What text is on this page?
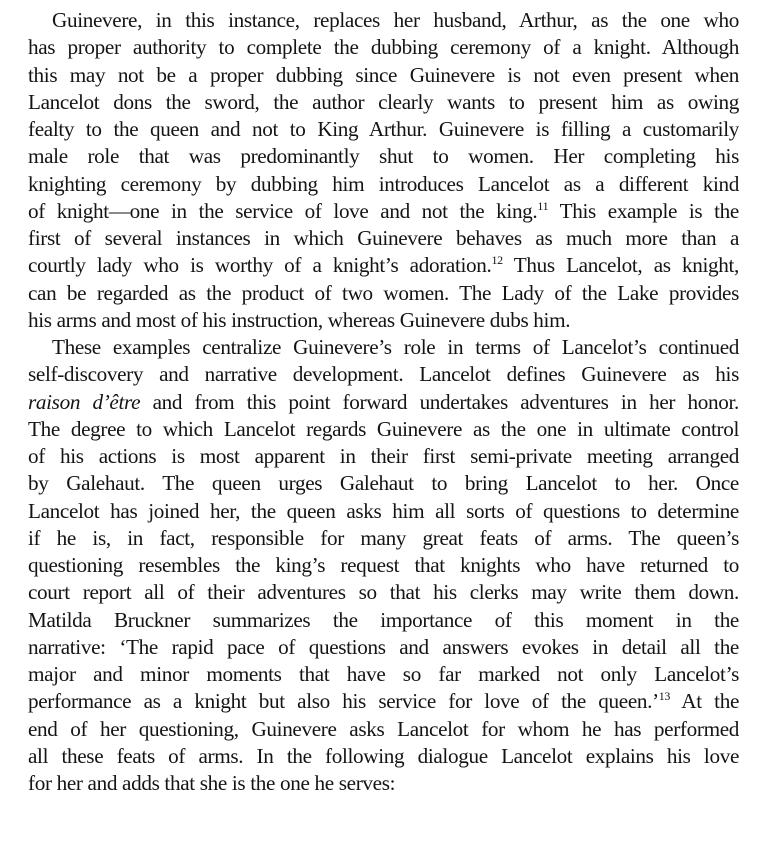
Guinevere, in this instance, replaces her husband, Arthur, as the one who
has proper authority to complete the dubbing ceremony of a knight. Although
this may not be a proper dubbing since Guinevere is not even present when
Lancelot dons the sword, the author clearly wants to present him as owing
fealty to the queen and not to King Arthur. Guinevere is filling a customarily
male role that was predominantly shut to women. Her completing his
knighting ceremony by dubbing him introduces Lancelot as a different kind
of knight—one in the service of love and not the king.$^{11}$ This example is the
first of several instances in which Guinevere behaves as much more than a
courtly lady who is worthy of a knight’s adoration.$^{12}$ Thus Lancelot, as knight,
can be regarded as the product of two women. The Lady of the Lake provides
his arms and most of his instruction, whereas Guinevere dubs him.
These examples centralize Guinevere’s role in terms of Lancelot’s continued
self-discovery and narrative development. Lancelot defines Guinevere as his
raison d’être and from this point forward undertakes adventures in her honor.
The degree to which Lancelot regards Guinevere as the one in ultimate control
of his actions is most apparent in their first semi-private meeting arranged
by Galehaut. The queen urges Galehaut to bring Lancelot to her. Once
Lancelot has joined her, the queen asks him all sorts of questions to determine
if he is, in fact, responsible for many great feats of arms. The queen’s
questioning resembles the king’s request that knights who have returned to
court report all of their adventures so that his clerks may write them down.
Matilda Bruckner summarizes the importance of this moment in the
narrative: ‘The rapid pace of questions and answers evokes in detail all the
major and minor moments that have so far marked not only Lancelot’s
performance as a knight but also his service for love of the queen.’$^{13}$ At the
end of her questioning, Guinevere asks Lancelot for whom he has performed
all these feats of arms. In the following dialogue Lancelot explains his love
for her and adds that she is the one he serves:
